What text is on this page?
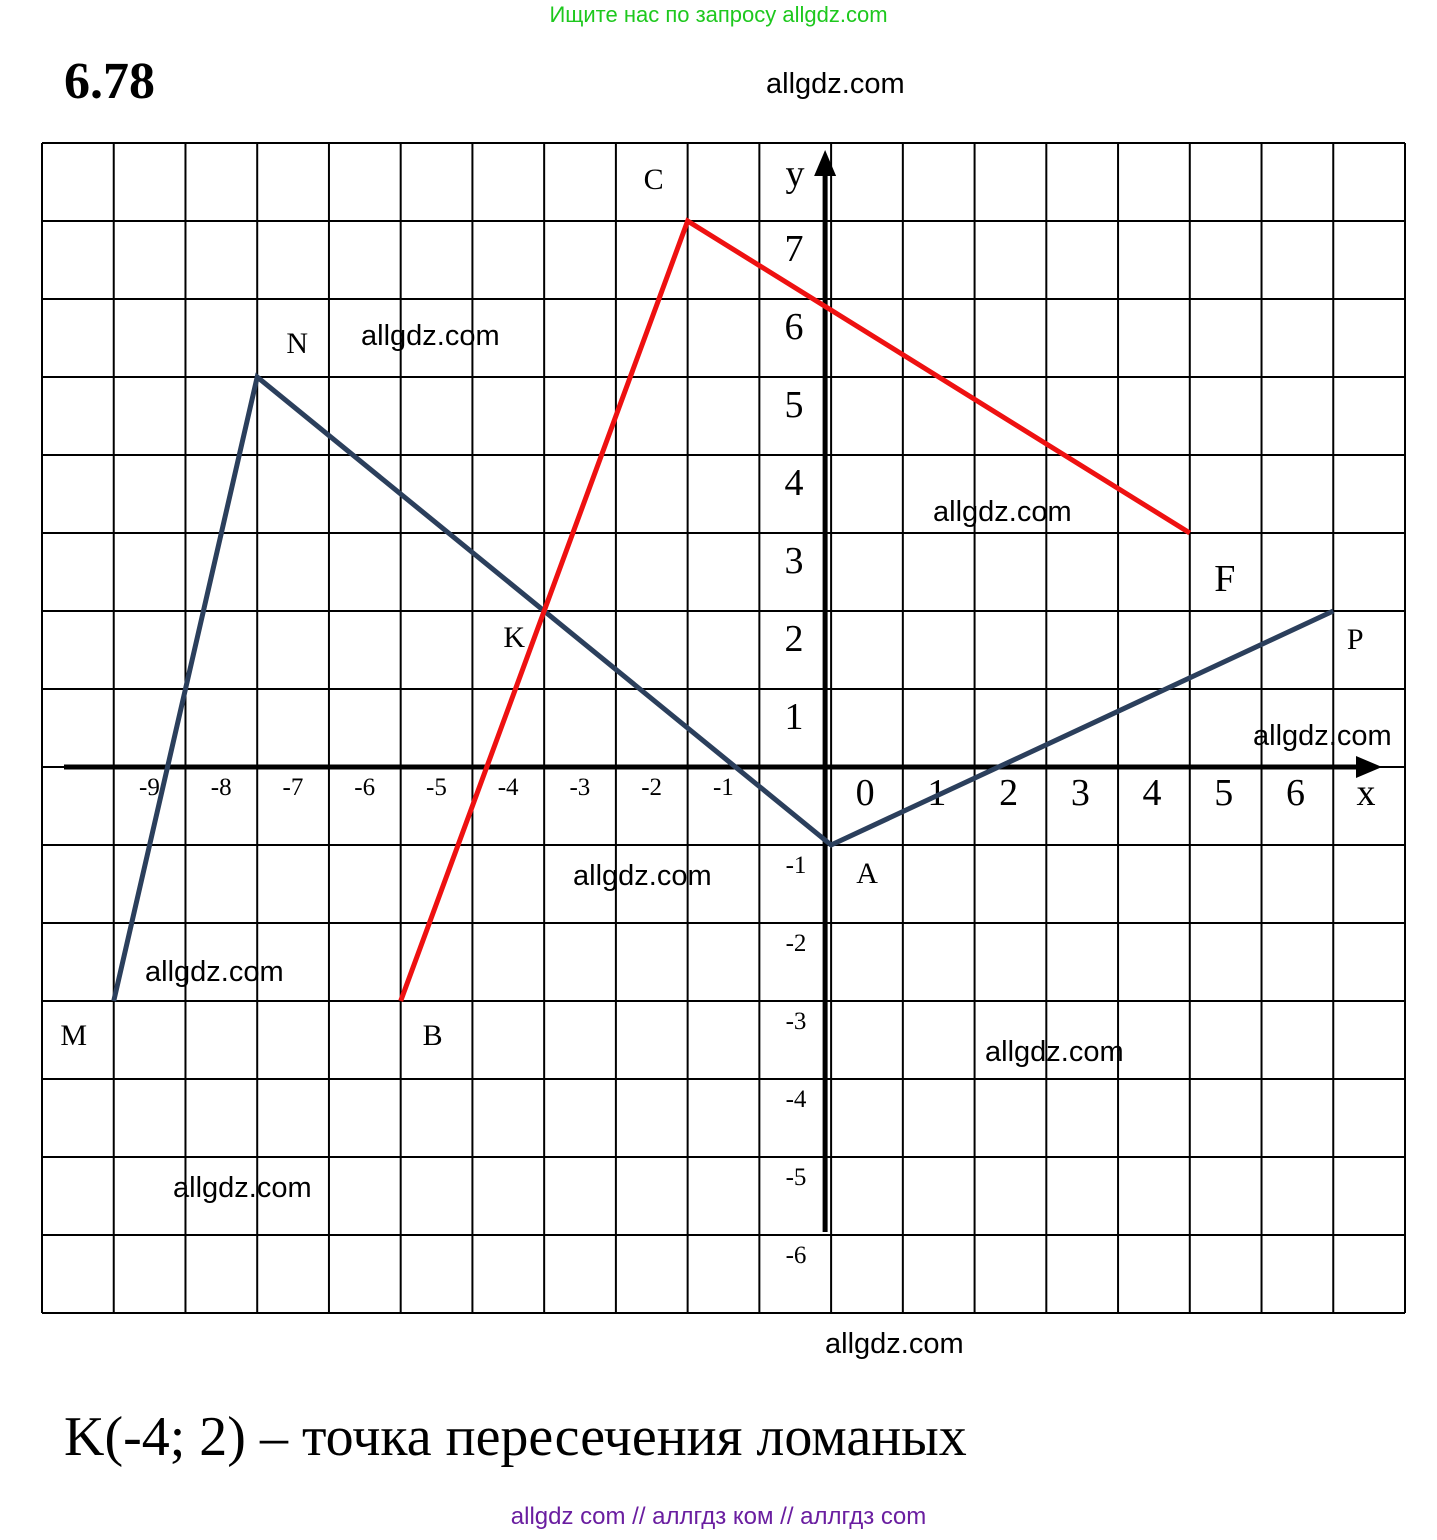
Ищите нас по запросу allgdz.com
6.78
-9 -8 -7 -6 -5 -4 -3 -2 -1	0 1 2 3 4 5 6
1
2
3
4
5
6
7
-1
-2
-3
-4
-5
-6
x
y
M
N
K
A
P
B
C
F
allgdz.com
allgdz.com
allgdz.com
allgdz.com
allgdz.com
allgdz.com
allgdz.com
allgdz.com
allgdz.com
K(-4; 2) – точка пересечения ломаных
allgdz com // аллгдз ком // аллгдз com
